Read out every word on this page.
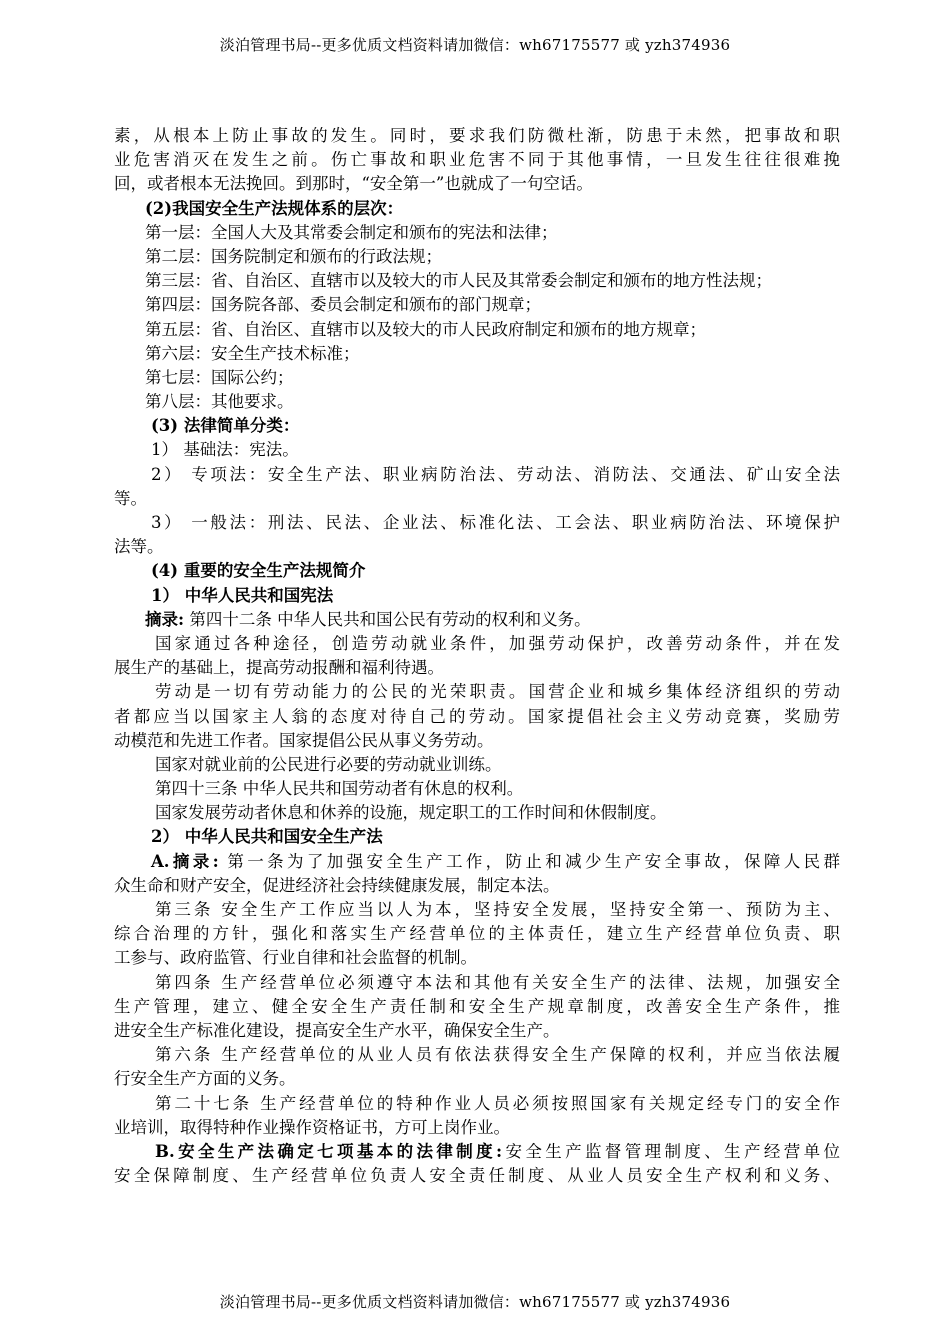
淡泊管理书局--更多优质文档资料请加微信：wh67175577 或 yzh374936
素，从根本上防止事故的发生。同时，要求我们防微杜渐，防患于未然，把事故和职
业危害消灭在发生之前。伤亡事故和职业危害不同于其他事情，一旦发生往往很难挽
回，或者根本无法挽回。到那时，“安全第一”也就成了一句空话。
(2)我国安全生产法规体系的层次：
第一层：全国人大及其常委会制定和颁布的宪法和法律；
第二层：国务院制定和颁布的行政法规；
第三层：省、自治区、直辖市以及较大的市人民及其常委会制定和颁布的地方性法规；
第四层：国务院各部、委员会制定和颁布的部门规章；
第五层：省、自治区、直辖市以及较大的市人民政府制定和颁布的地方规章；
第六层：安全生产技术标准；
第七层：国际公约；
第八层：其他要求。
(3) 法律简单分类：
1） 基础法：宪法。
2） 专项法：安全生产法、职业病防治法、劳动法、消防法、交通法、矿山安全法
等。
3） 一般法：刑法、民法、企业法、标准化法、工会法、职业病防治法、环境保护
法等。
(4) 重要的安全生产法规简介
1） 中华人民共和国宪法
摘录: 第四十二条 中华人民共和国公民有劳动的权利和义务。
国家通过各种途径，创造劳动就业条件，加强劳动保护，改善劳动条件，并在发
展生产的基础上，提高劳动报酬和福利待遇。
劳动是一切有劳动能力的公民的光荣职责。国营企业和城乡集体经济组织的劳动
者都应当以国家主人翁的态度对待自己的劳动。国家提倡社会主义劳动竞赛，奖励劳
动模范和先进工作者。国家提倡公民从事义务劳动。
国家对就业前的公民进行必要的劳动就业训练。
第四十三条 中华人民共和国劳动者有休息的权利。
国家发展劳动者休息和休养的设施，规定职工的工作时间和休假制度。
2） 中华人民共和国安全生产法
A.摘录: 第一条为了加强安全生产工作，防止和减少生产安全事故，保障人民群
众生命和财产安全，促进经济社会持续健康发展，制定本法。
第三条 安全生产工作应当以人为本，坚持安全发展，坚持安全第一、预防为主、
综合治理的方针，强化和落实生产经营单位的主体责任，建立生产经营单位负责、职
工参与、政府监管、行业自律和社会监督的机制。
第四条 生产经营单位必须遵守本法和其他有关安全生产的法律、法规，加强安全
生产管理，建立、健全安全生产责任制和安全生产规章制度，改善安全生产条件，推
进安全生产标准化建设，提高安全生产水平，确保安全生产。
第六条 生产经营单位的从业人员有依法获得安全生产保障的权利，并应当依法履
行安全生产方面的义务。
第二十七条 生产经营单位的特种作业人员必须按照国家有关规定经专门的安全作
业培训，取得特种作业操作资格证书，方可上岗作业。
B.安全生产法确定七项基本的法律制度:安全生产监督管理制度、生产经营单位
安全保障制度、生产经营单位负责人安全责任制度、从业人员安全生产权利和义务、
淡泊管理书局--更多优质文档资料请加微信：wh67175577 或 yzh374936
